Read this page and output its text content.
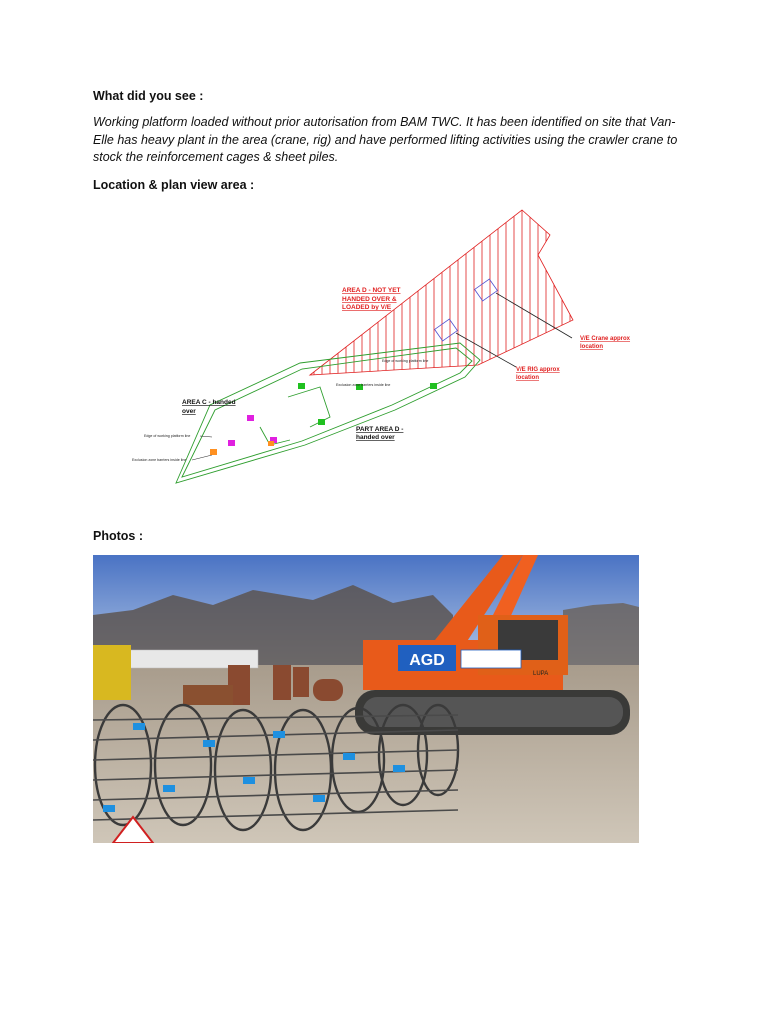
What did you see :
Working platform loaded without prior autorisation from BAM TWC. It has been identified on site that Van-Elle has heavy plant in the area (crane, rig) and have performed lifting activities using the crawler crane to stock the reinforcement cages & sheet piles.
Location & plan view area :
AREA D - NOT YET
HANDED OVER &
LOADED by V/E
V/E Crane approx
location
V/E RIG approx
location
AREA C - handed
over
PART AREA D -
handed over
Edge of working platform line
Exclusion zone barriers inside line
Edge of working platform line
Exclusion zone barriers inside line
Photos :
AGD
LUPA
